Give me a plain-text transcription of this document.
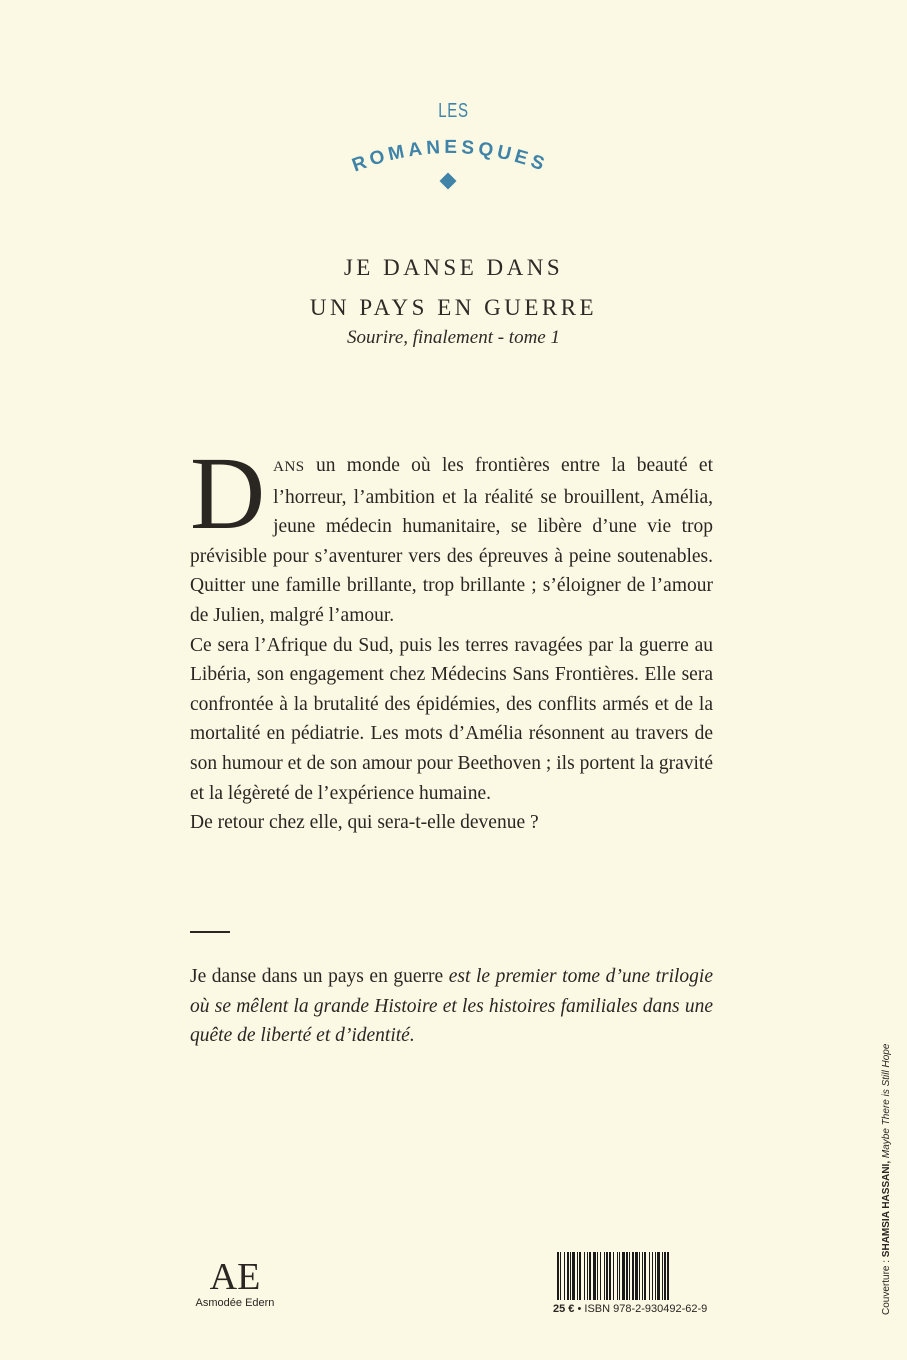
LES
ROMANESQUES
JE DANSE DANS
UN PAYS EN GUERRE
Sourire, finalement - tome 1

DANS un monde où les frontières entre la beauté et l’horreur, l’ambition et la réalité se brouillent, Amélia, jeune médecin humanitaire, se libère d’une vie trop prévisible pour s’aventurer vers des épreuves à peine soutenables. Quitter une famille brillante, trop brillante ; s’éloigner de l’amour de Julien, malgré l’amour.

Ce sera l’Afrique du Sud, puis les terres ravagées par la guerre au Libéria, son engagement chez Médecins Sans Frontières. Elle sera confrontée à la brutalité des épidémies, des conflits armés et de la mortalité en pédiatrie. Les mots d’Amélia résonnent au travers de son humour et de son amour pour Beethoven ; ils portent la gravité et la légèreté de l’expérience humaine.

De retour chez elle, qui sera-t-elle devenue ?

Je danse dans un pays en guerre est le premier tome d’une trilogie où se mêlent la grande Histoire et les histoires familiales dans une quête de liberté et d’identité.
AE
Asmodée Edern	25 € • ISBN 978-2-930492-62-9	Couverture : SHAMSIA HASSANI, Maybe There is Still Hope
